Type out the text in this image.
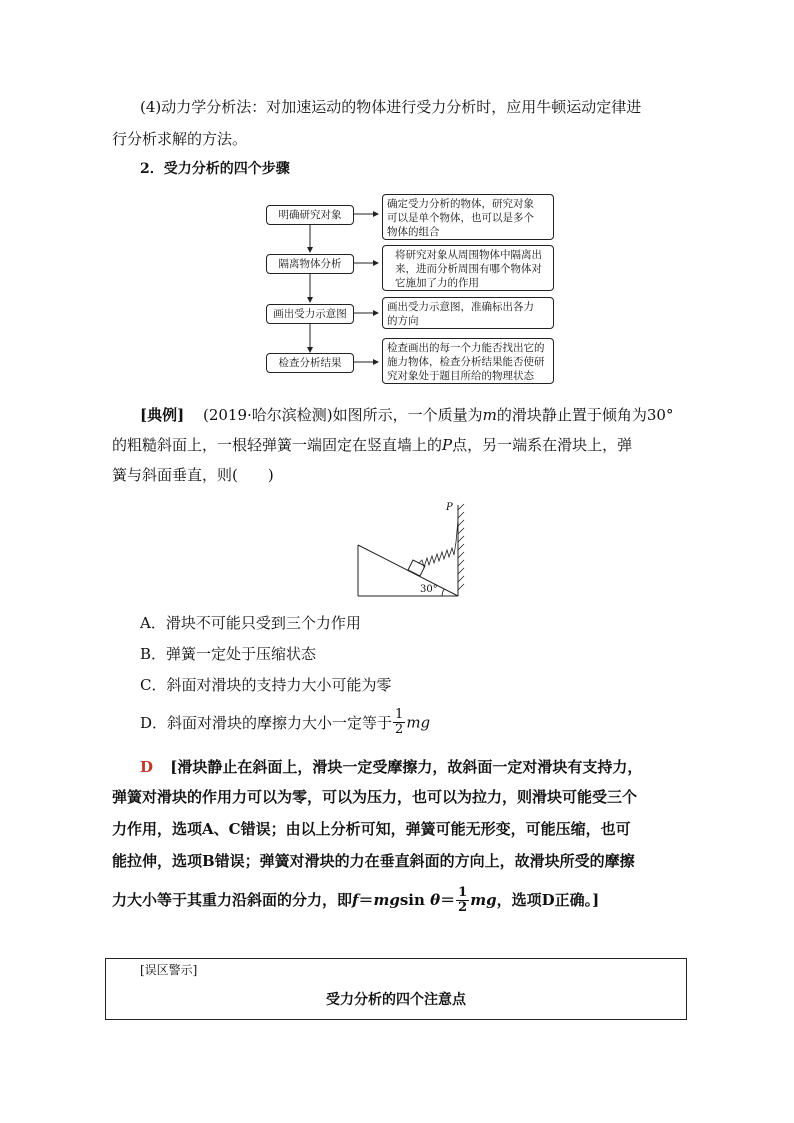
(4)动力学分析法：对加速运动的物体进行受力分析时，应用牛顿运动定律进
行分析求解的方法。
2．受力分析的四个步骤
明确研究对象
隔离物体分析
画出受力示意图
检查分析结果
确定受力分析的物体，研究对象
可以是单个物体，也可以是多个
物体的组合
将研究对象从周围物体中隔离出
来，进而分析周围有哪个物体对
它施加了力的作用
画出受力示意图，准确标出各力
的方向
检查画出的每一个力能否找出它的
施力物体，检查分析结果能否使研
究对象处于题目所给的物理状态
[典例] (2019·哈尔滨检测)如图所示，一个质量为m的滑块静止置于倾角为30°
的粗糙斜面上，一根轻弹簧一端固定在竖直墙上的P点，另一端系在滑块上，弹
簧与斜面垂直，则(　　)
P
30°
A．滑块不可能只受到三个力作用
B．弹簧一定处于压缩状态
C．斜面对滑块的支持力大小可能为零
D．斜面对滑块的摩擦力大小一定等于 $\frac{1}{2}$ mg
D [滑块静止在斜面上，滑块一定受摩擦力，故斜面一定对滑块有支持力，
弹簧对滑块的作用力可以为零，可以为压力，也可以为拉力，则滑块可能受三个
力作用，选项A、C错误；由以上分析可知，弹簧可能无形变，可能压缩，也可
能拉伸，选项B错误；弹簧对滑块的力在垂直斜面的方向上，故滑块所受的摩擦
力大小等于其重力沿斜面的分力，即f＝mgsin $\theta= \frac{1}{2}$ mg，选项D正确。]
[误区警示]
受力分析的四个注意点
